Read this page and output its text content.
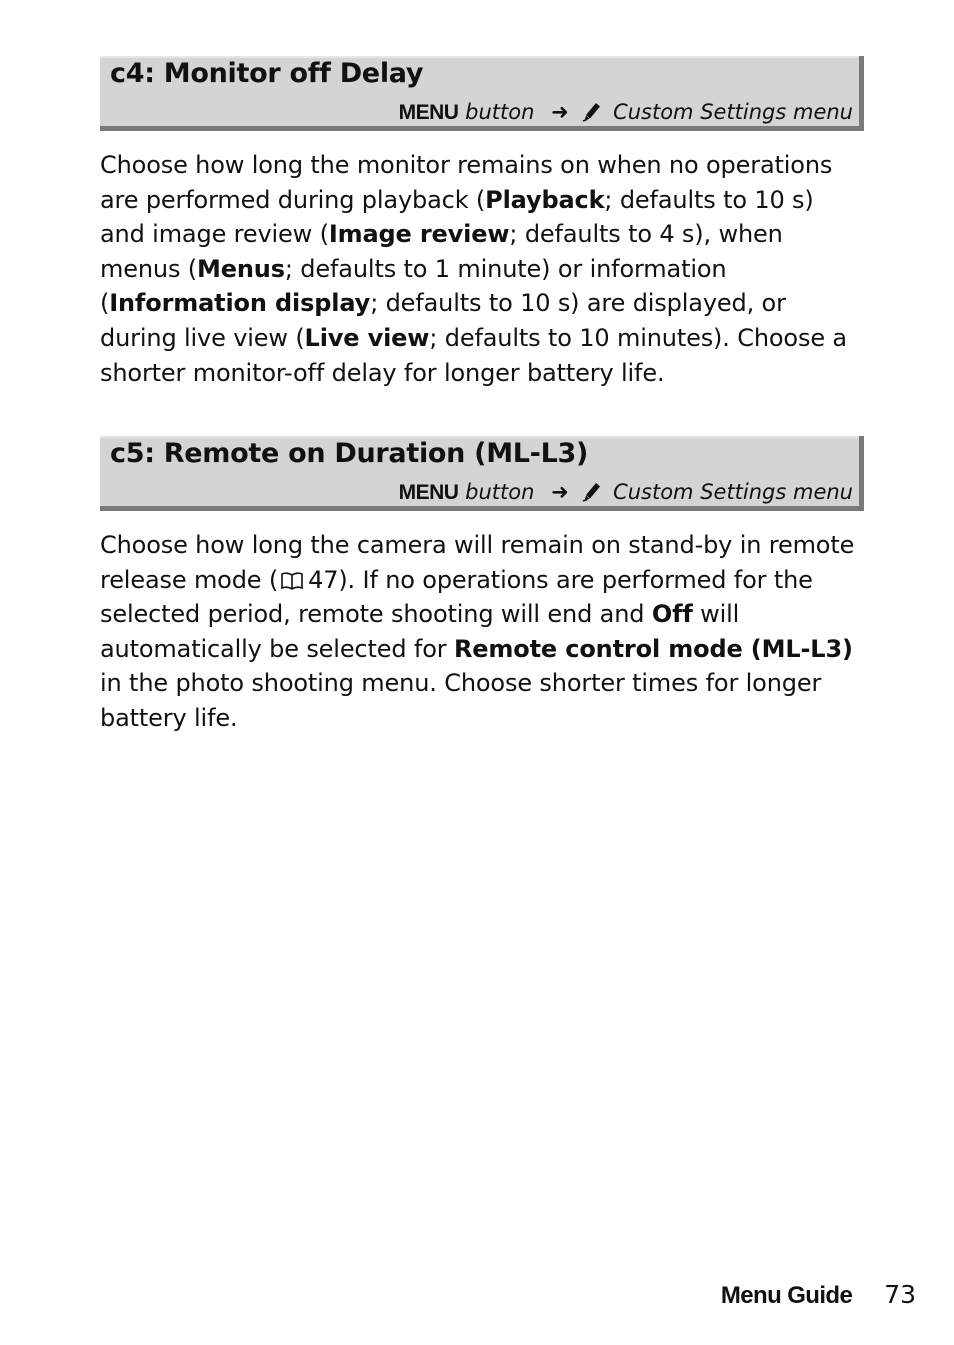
c4: Monitor off Delay
MENU button ➜ Custom Settings menu

Choose how long the monitor remains on when no operations are performed during playback (Playback; defaults to 10 s) and image review (Image review; defaults to 4 s), when menus (Menus; defaults to 1 minute) or information (Information display; defaults to 10 s) are displayed, or during live view (Live view; defaults to 10 minutes). Choose a shorter monitor-off delay for longer battery life.

c5: Remote on Duration (ML-L3)
MENU button ➜ Custom Settings menu

Choose how long the camera will remain on stand-by in remote release mode ( 47). If no operations are performed for the selected period, remote shooting will end and Off will automatically be selected for Remote control mode (ML-L3) in the photo shooting menu. Choose shorter times for longer battery life.

Menu Guide 73
